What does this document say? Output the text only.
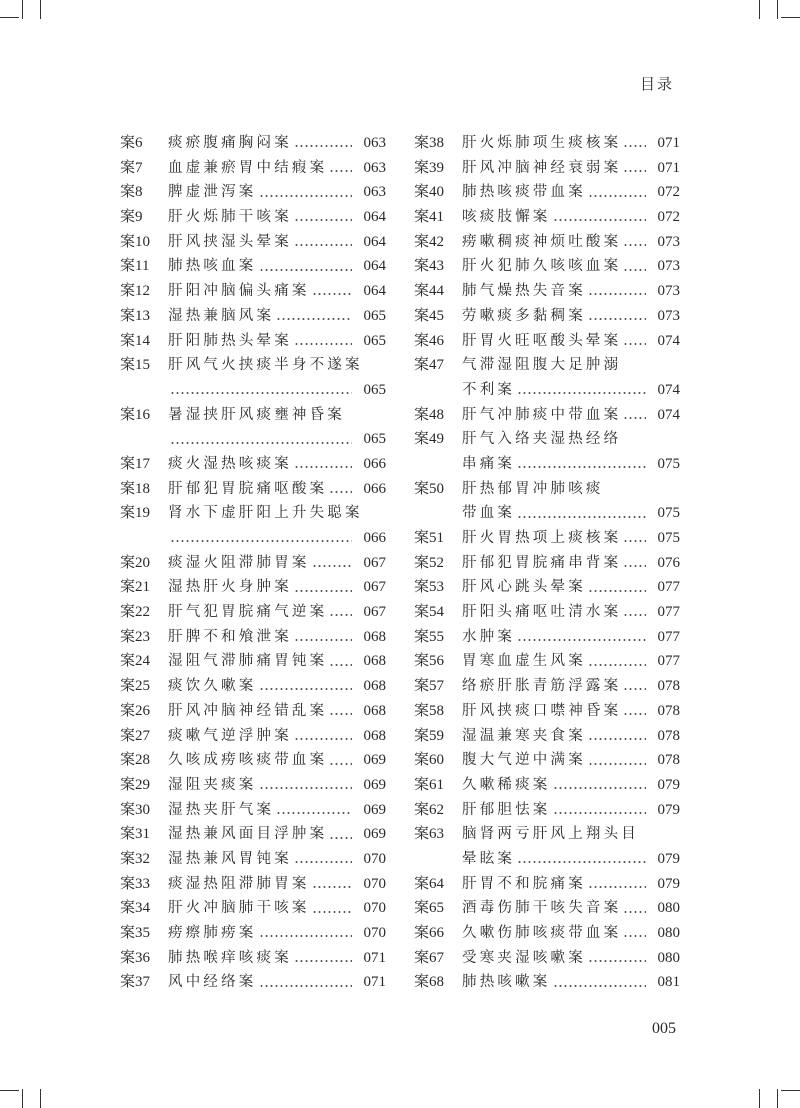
目录
案6	痰瘀腹痛胸闷案	063
案7	血虚兼瘀胃中结瘕案	063
案8	脾虚泄泻案	063
案9	肝火烁肺干咳案	064
案10	肝风挟湿头晕案	064
案11	肺热咳血案	064
案12	肝阳冲脑偏头痛案	064
案13	湿热兼脑风案	065
案14	肝阳肺热头晕案	065
案15	肝风气火挟痰半身不遂案
065
案16	暑湿挟肝风痰壅神昏案
065
案17	痰火湿热咳痰案	066
案18	肝郁犯胃脘痛呕酸案	066
案19	肾水下虚肝阳上升失聪案
066
案20	痰湿火阻滞肺胃案	067
案21	湿热肝火身肿案	067
案22	肝气犯胃脘痛气逆案	067
案23	肝脾不和飧泄案	068
案24	湿阻气滞肺痛胃钝案	068
案25	痰饮久嗽案	068
案26	肝风冲脑神经错乱案	068
案27	痰嗽气逆浮肿案	068
案28	久咳成痨咳痰带血案	069
案29	湿阻夹痰案	069
案30	湿热夹肝气案	069
案31	湿热兼风面目浮肿案	069
案32	湿热兼风胃钝案	070
案33	痰湿热阻滞肺胃案	070
案34	肝火冲脑肺干咳案	070
案35	痨瘵肺痨案	070
案36	肺热喉痒咳痰案	071
案37	风中经络案	071
案38	肝火烁肺项生痰核案	071
案39	肝风冲脑神经衰弱案	071
案40	肺热咳痰带血案	072
案41	咳痰肢懈案	072
案42	痨嗽稠痰神烦吐酸案	073
案43	肝火犯肺久咳咳血案	073
案44	肺气燥热失音案	073
案45	劳嗽痰多黏稠案	073
案46	肝胃火旺呕酸头晕案	074
案47	气滞湿阻腹大足肿溺
不利案	074
案48	肝气冲肺痰中带血案	074
案49	肝气入络夹湿热经络
串痛案	075
案50	肝热郁胃冲肺咳痰
带血案	075
案51	肝火胃热项上痰核案	075
案52	肝郁犯胃脘痛串背案	076
案53	肝风心跳头晕案	077
案54	肝阳头痛呕吐清水案	077
案55	水肿案	077
案56	胃寒血虚生风案	077
案57	络瘀肝胀青筋浮露案	078
案58	肝风挟痰口噤神昏案	078
案59	湿温兼寒夹食案	078
案60	腹大气逆中满案	078
案61	久嗽稀痰案	079
案62	肝郁胆怯案	079
案63	脑肾两亏肝风上翔头目
晕眩案	079
案64	肝胃不和脘痛案	079
案65	酒毒伤肺干咳失音案	080
案66	久嗽伤肺咳痰带血案	080
案67	受寒夹湿咳嗽案	080
案68	肺热咳嗽案	081
005
